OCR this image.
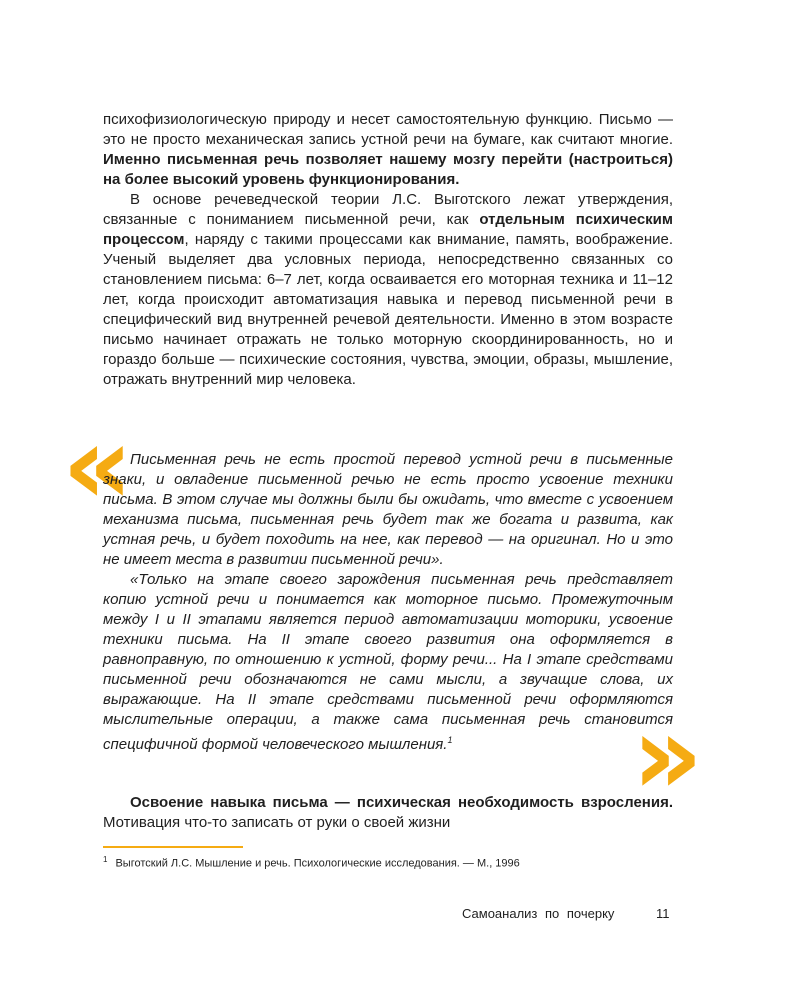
психофизиологическую природу и несет самостоятельную функцию. Письмо — это не просто механическая запись устной речи на бумаге, как считают многие. Именно письменная речь позволяет нашему мозгу перейти (настроиться) на более высокий уровень функционирования.

В основе речеведческой теории Л.С. Выготского лежат утверждения, связанные с пониманием письменной речи, как отдельным психическим процессом, наряду с такими процессами как внимание, память, воображение. Ученый выделяет два условных периода, непосредственно связанных со становлением письма: 6–7 лет, когда осваивается его моторная техника и 11–12 лет, когда происходит автоматизация навыка и перевод письменной речи в специфический вид внутренней речевой деятельности. Именно в этом возрасте письмо начинает отражать не только моторную скоординированность, но и гораздо больше — психические состояния, чувства, эмоции, образы, мышление, отражать внутренний мир человека.

«

Письменная речь не есть простой перевод устной речи в письменные знаки, и овладение письменной речью не есть просто усвоение техники письма. В этом случае мы должны были бы ожидать, что вместе с усвоением механизма письма, письменная речь будет так же богата и развита, как устная речь, и будет походить на нее, как перевод — на оригинал. Но и это не имеет места в развитии письменной речи».

«Только на этапе своего зарождения письменная речь представляет копию устной речи и понимается как моторное письмо. Промежуточным между I и II этапами является период автоматизации моторики, усвоение техники письма. На II этапе своего развития она оформляется в равноправную, по отношению к устной, форму речи... На I этапе средствами письменной речи обозначаются не сами мысли, а звучащие слова, их выражающие. На II этапе средствами письменной речи оформляются мыслительные операции, а также сама письменная речь становится специфичной формой человеческого мышления.$^1$	»

Освоение навыка письма — психическая необходимость взросления. Мотивация что-то записать от руки о своей жизни

$^1$ Выготский Л.С. Мышление и речь. Психологические исследования. — М., 1996
Самоанализ по почерку	11
